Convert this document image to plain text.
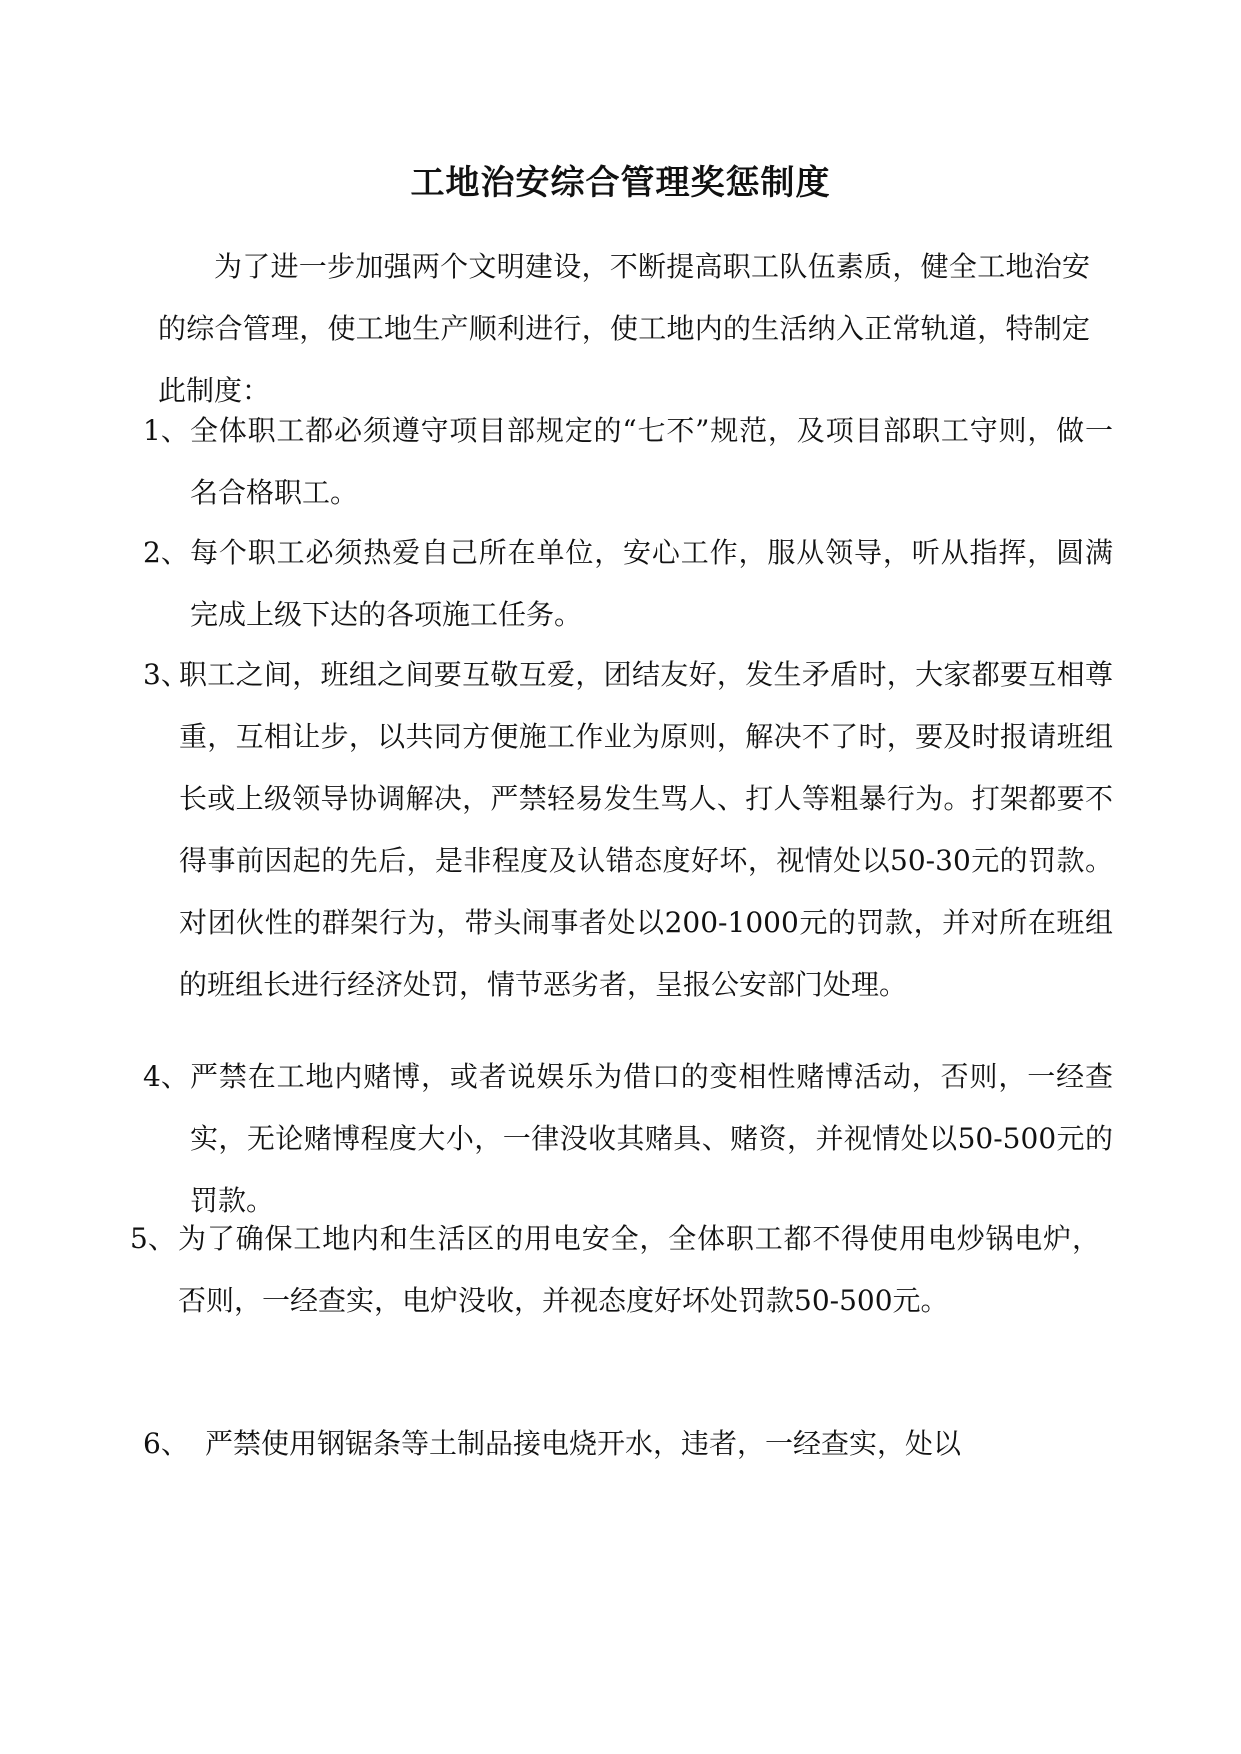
工地治安综合管理奖惩制度
为了进一步加强两个文明建设，不断提高职工队伍素质，健全工地治安的综合管理，使工地生产顺利进行，使工地内的生活纳入正常轨道，特制定此制度：
1、 全体职工都必须遵守项目部规定的“七不”规范，及项目部职工守则，做一名合格职工。
2、 每个职工必须热爱自己所在单位，安心工作，服从领导，听从指挥，圆满完成上级下达的各项施工任务。
3、
职工之间，班组之间要互敬互爱，团结友好，发生矛盾时，大家都要互相尊重，互相让步，以共同方便施工作业为原则，解决不了时，要及时报请班组长或上级领导协调解决，严禁轻易发生骂人、打人等粗暴行为。打架都要不得事前因起的先后，是非程度及认错态度好坏，视情处以50-30元的罚款。对团伙性的群架行为，带头闹事者处以200-1000元的罚款，并对所在班组的班组长进行经济处罚，情节恶劣者，呈报公安部门处理。
4、 严禁在工地内赌博，或者说娱乐为借口的变相性赌博活动，否则，一经查实，无论赌博程度大小，一律没收其赌具、赌资，并视情处以50-500元的罚款。
5、 为了确保工地内和生活区的用电安全，全体职工都不得使用电炒锅电炉，否则，一经查实，电炉没收，并视态度好坏处罚款50-500元。
6、 严禁使用钢锯条等土制品接电烧开水，违者，一经查实，处以
